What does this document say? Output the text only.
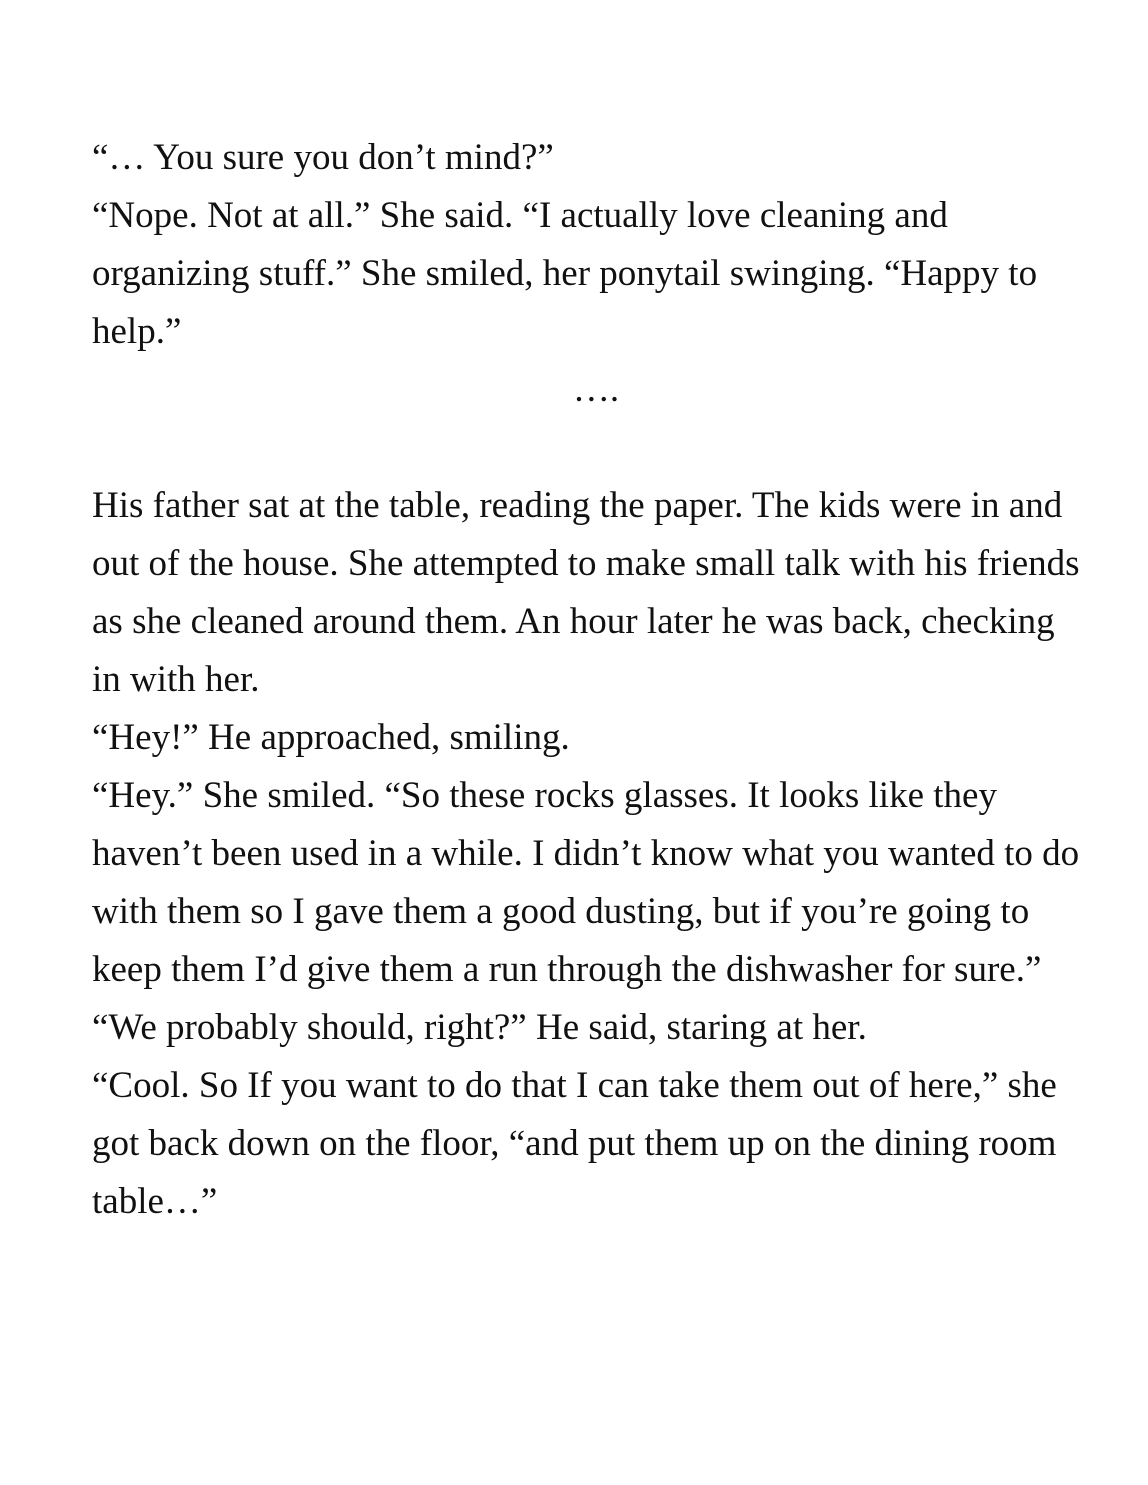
“… You sure you don’t mind?”

“Nope. Not at all.” She said. “I actually love cleaning and organizing stuff.” She smiled, her ponytail swinging. “Happy to help.”

….

His father sat at the table, reading the paper. The kids were in and out of the house. She attempted to make small talk with his friends as she cleaned around them. An hour later he was back, checking in with her.

“Hey!” He approached, smiling.

“Hey.” She smiled. “So these rocks glasses. It looks like they haven’t been used in a while. I didn’t know what you wanted to do with them so I gave them a good dusting, but if you’re going to keep them I’d give them a run through the dishwasher for sure.”

“We probably should, right?” He said, staring at her.

“Cool. So If you want to do that I can take them out of here,” she got back down on the floor, “and put them up on the dining room table…”
